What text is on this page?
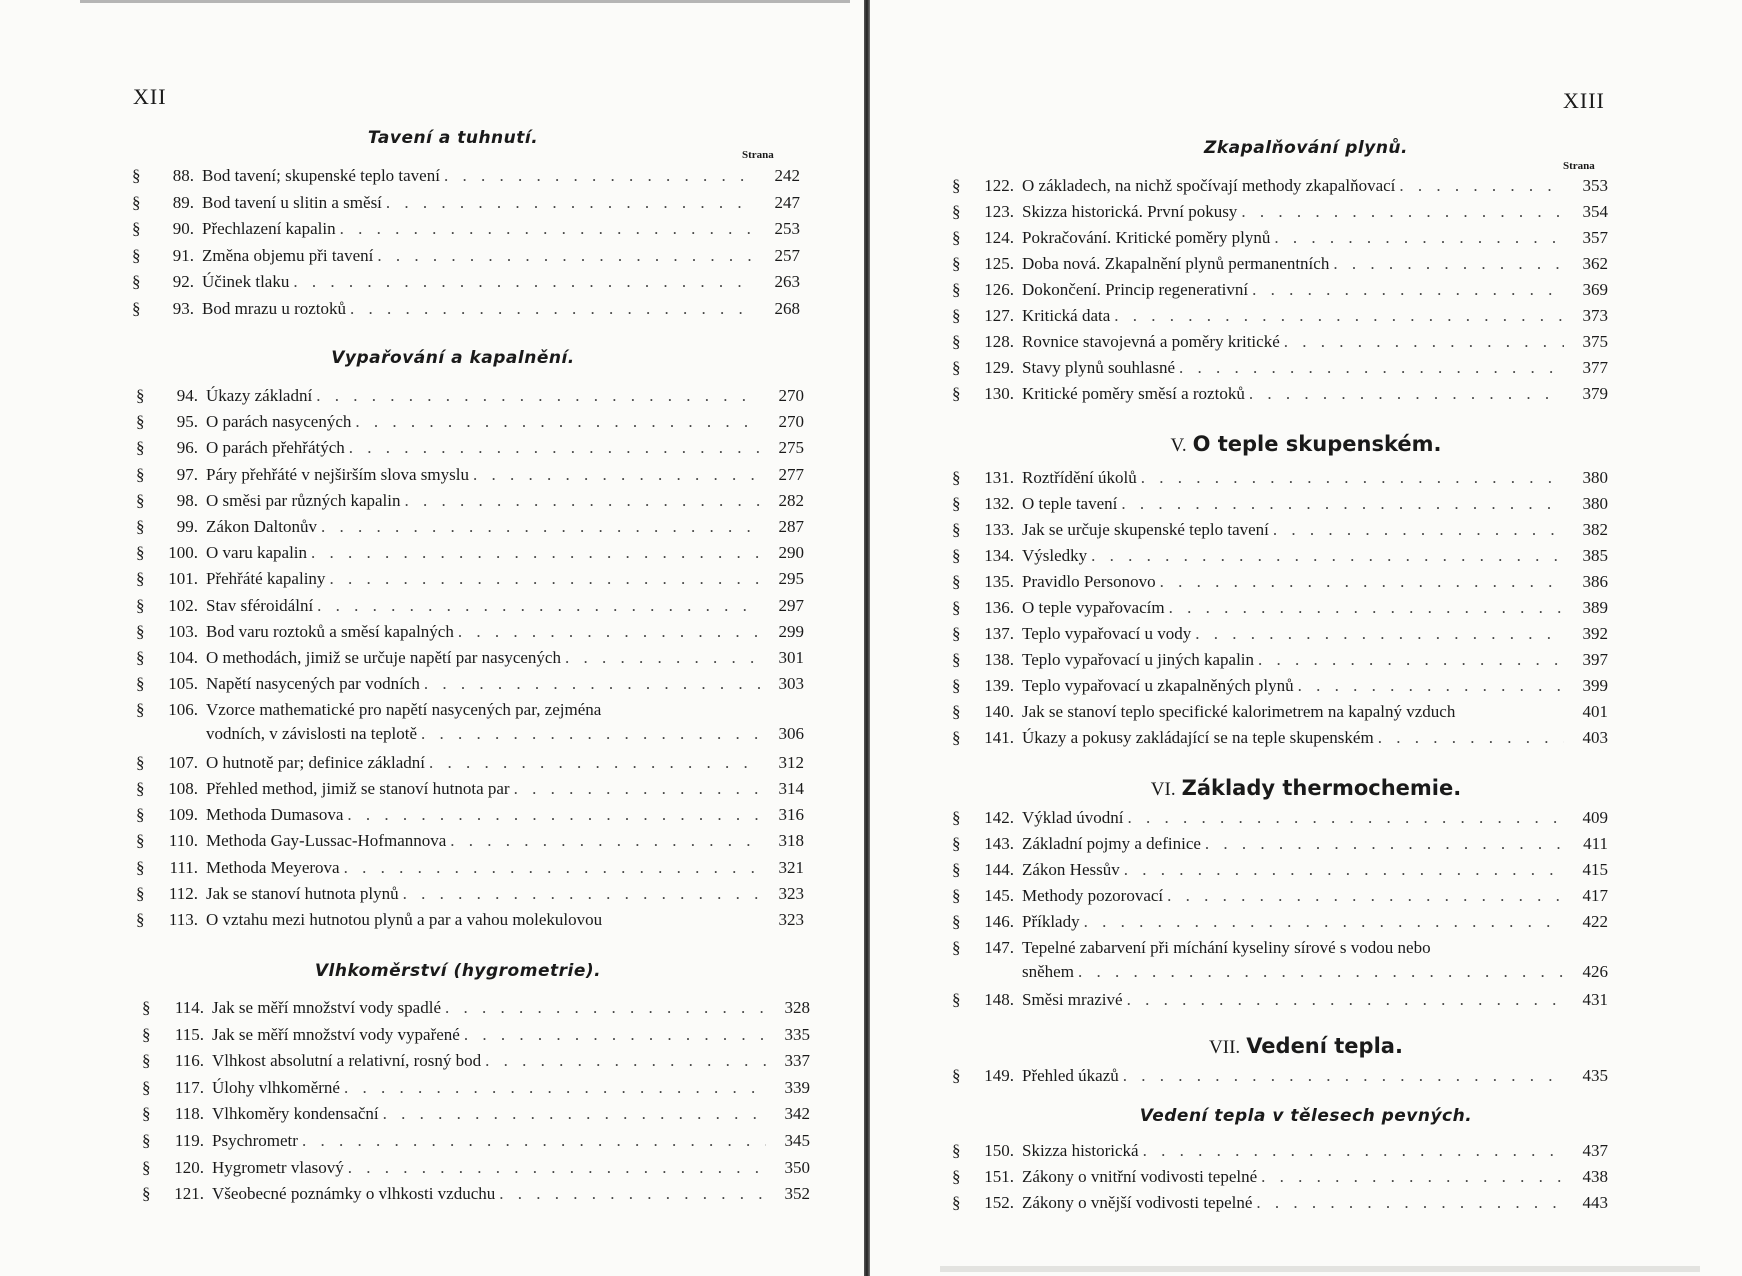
XII	XIII
Strana
Strana
Tavení a tuhnutí.
§	88. Bod tavení; skupenské teplo tavení . . .	242
§	89. Bod tavení u slitin a směsí . . .	247
§	90. Přechlazení kapalin . . .	253
§	91. Změna objemu při tavení . . .	257
§	92. Účinek tlaku . . .	263
§	93. Bod mrazu u roztoků . . .	268
Vypařování a kapalnění.
§	94. Úkazy základní . . .	270
§	95. O parách nasycených . . .	270
§	96. O parách přehřátých . . .	275
§	97. Páry přehřáté v nejširším slova smyslu . . .	277
§	98. O směsi par různých kapalin . . .	282
§	99. Zákon Daltonův . . .	287
§	100. O varu kapalin . . .	290
§	101. Přehřáté kapaliny . . .	295
§	102. Stav sféroidální . . .	297
§	103. Bod varu roztoků a směsí kapalných . . .	299
§	104. O methodách, jimiž se určuje napětí par nasycených . . .	301
§	105. Napětí nasycených par vodních . . .	303
§	106. Vzorce mathematické pro napětí nasycených par, zejména
vodních, v závislosti na teplotě . . .	306
§	107. O hutnotě par; definice základní . . .	312
§	108. Přehled method, jimiž se stanoví hutnota par . . .	314
§	109. Methoda Dumasova . . .	316
§	110. Methoda Gay-Lussac-Hofmannova . . .	318
§	111. Methoda Meyerova . . .	321
§	112. Jak se stanoví hutnota plynů . . .	323
§	113. O vztahu mezi hutnotou plynů a par a vahou molekulovou	323
Vlhkoměrství (hygrometrie).
§	114. Jak se měří množství vody spadlé . . .	328
§	115. Jak se měří množství vody vypařené . . .	335
§	116. Vlhkost absolutní a relativní, rosný bod . . .	337
§	117. Úlohy vlhkoměrné . . .	339
§	118. Vlhkoměry kondensační . . .	342
§	119. Psychrometr . . .	345
§	120. Hygrometr vlasový . . .	350
§	121. Všeobecné poznámky o vlhkosti vzduchu . . .	352
Zkapalňování plynů.
§	122. O základech, na nichž spočívají methody zkapalňovací . . .	353
§	123. Skizza historická. První pokusy . . .	354
§	124. Pokračování. Kritické poměry plynů . . .	357
§	125. Doba nová. Zkapalnění plynů permanentních . . .	362
§	126. Dokončení. Princip regenerativní . . .	369
§	127. Kritická data . . .	373
§	128. Rovnice stavojevná a poměry kritické . . .	375
§	129. Stavy plynů souhlasné . . .	377
§	130. Kritické poměry směsí a roztoků . . .	379
V. O teple skupenském.
§	131. Roztřídění úkolů . . .	380
§	132. O teple tavení . . .	380
§	133. Jak se určuje skupenské teplo tavení . . .	382
§	134. Výsledky . . .	385
§	135. Pravidlo Personovo . . .	386
§	136. O teple vypařovacím . . .	389
§	137. Teplo vypařovací u vody . . .	392
§	138. Teplo vypařovací u jiných kapalin . . .	397
§	139. Teplo vypařovací u zkapalněných plynů . . .	399
§	140. Jak se stanoví teplo specifické kalorimetrem na kapalný vzduch	401
§	141. Úkazy a pokusy zakládající se na teple skupenském . . .	403
VI. Základy thermochemie.
§	142. Výklad úvodní . . .	409
§	143. Základní pojmy a definice . . .	411
§	144. Zákon Hessův . . .	415
§	145. Methody pozorovací . . .	417
§	146. Příklady . . .	422
§	147. Tepelné zabarvení při míchání kyseliny sírové s vodou nebo
sněhem . . .	426
§	148. Směsi mrazivé . . .	431
VII. Vedení tepla.
§	149. Přehled úkazů . . .	435
Vedení tepla v tělesech pevných.
§	150. Skizza historická . . .	437
§	151. Zákony o vnitřní vodivosti tepelné . . .	438
§	152. Zákony o vnější vodivosti tepelné . . .	443
